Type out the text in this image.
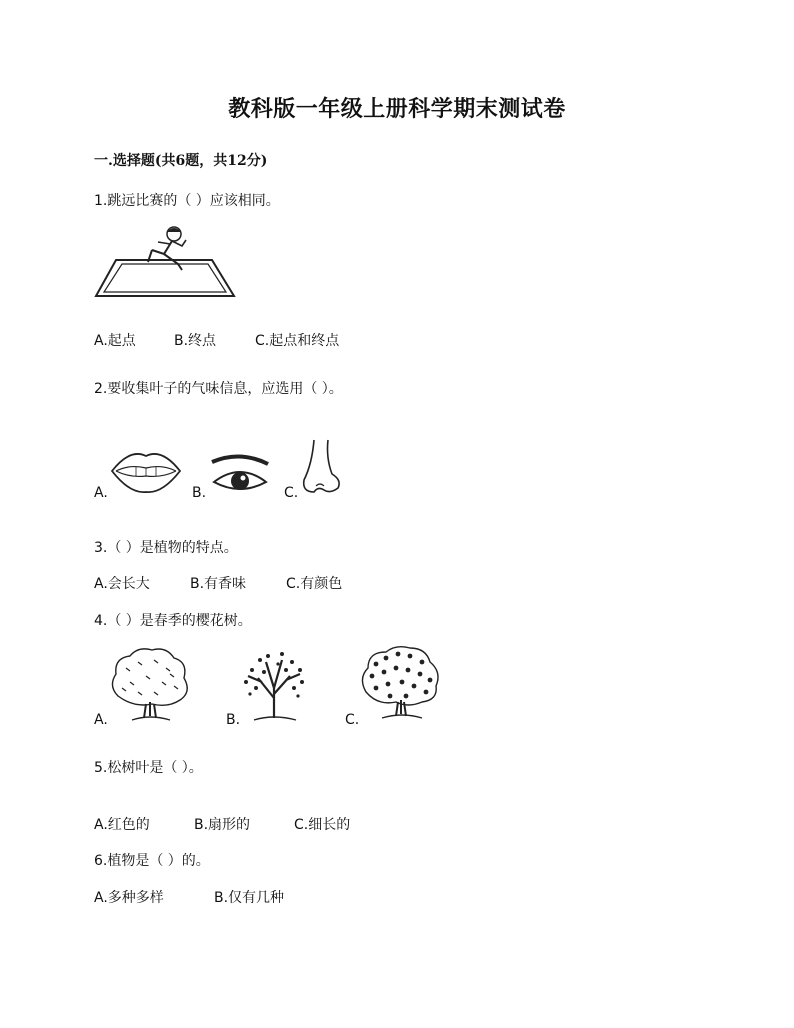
教科版一年级上册科学期末测试卷
一.选择题(共6题，共12分)
1.跳远比赛的（ ）应该相同。
A.起点	B.终点	C.起点和终点
2.要收集叶子的气味信息，应选用（ ）。
A.	B.	C.
3.（ ）是植物的特点。
A.会长大	B.有香味	C.有颜色
4.（ ）是春季的樱花树。
A.	B.	C.
5.松树叶是（ ）。
A.红色的	B.扇形的	C.细长的
6.植物是（ ）的。
A.多种多样	B.仅有几种
